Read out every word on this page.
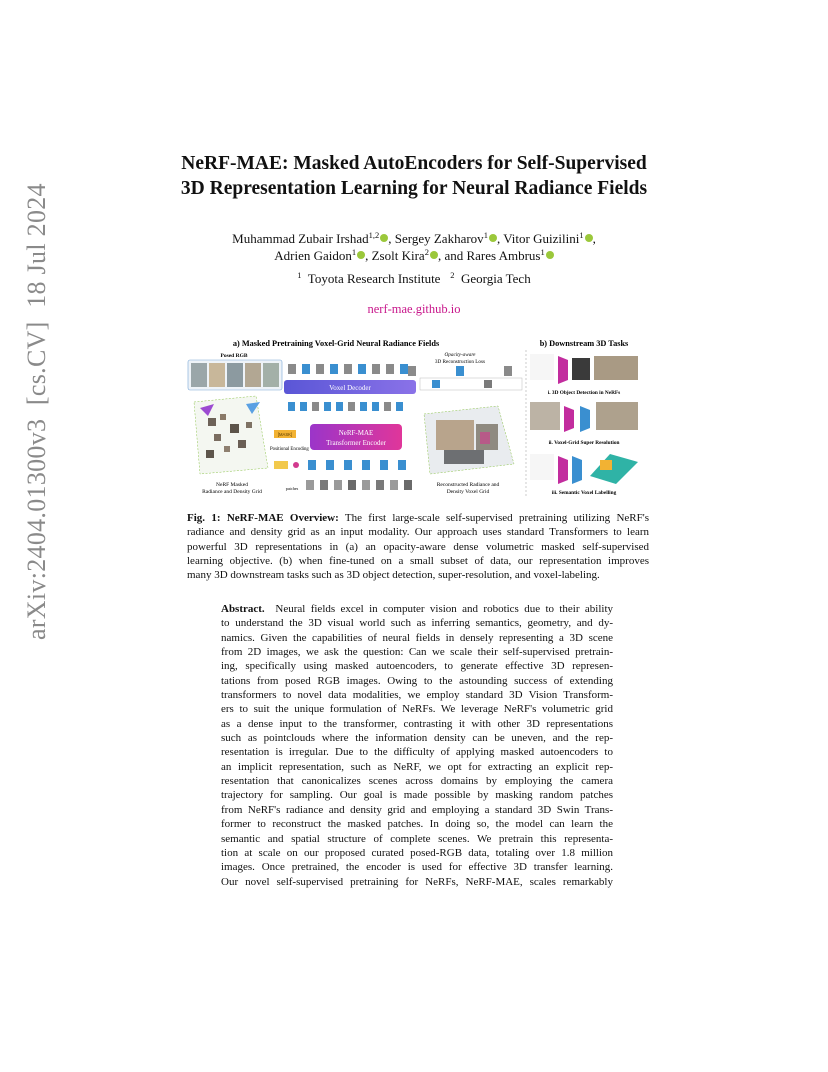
arXiv:2404.01300v3  [cs.CV]  18 Jul 2024
NeRF-MAE: Masked AutoEncoders for Self-Supervised
3D Representation Learning for Neural Radiance Fields
Muhammad Zubair Irshad$^{1,2}$ , Sergey Zakharov$^1$ , Vitor Guizilini$^1$ ,
Adrien Gaidon$^1$ , Zsolt Kira$^2$ , and Rares Ambrus$^1$
$^1$ Toyota Research Institute $^2$ Georgia Tech
nerf-mae.github.io
a) Masked Pretraining Voxel-Grid Neural Radiance Fields	b) Downstream 3D Tasks
Posed RGB
Voxel Decoder
NeRF-MAE
Transformer Encoder
[MASK]
Positional Encoding
patches
NeRF Masked
Radiance and Density Grid
Opacity-aware
3D Reconstruction Loss
Reconstructed Radiance and
Density Voxel Grid
i. 3D Object Detection in NeRFs
ii. Voxel-Grid Super Resolution
iii. Semantic Voxel Labelling
Fig. 1: NeRF-MAE Overview: The first large-scale self-supervised pretraining utilizing NeRF's
radiance and density grid as an input modality. Our approach uses standard Transformers to learn
powerful 3D representations in (a) an opacity-aware dense volumetric masked self-supervised
learning objective. (b) when fine-tuned on a small subset of data, our representation improves
many 3D downstream tasks such as 3D object detection, super-resolution, and voxel-labeling.
Abstract. Neural fields excel in computer vision and robotics due to their ability
to understand the 3D visual world such as inferring semantics, geometry, and dy-
namics. Given the capabilities of neural fields in densely representing a 3D scene
from 2D images, we ask the question: Can we scale their self-supervised pretrain-
ing, specifically using masked autoencoders, to generate effective 3D represen-
tations from posed RGB images. Owing to the astounding success of extending
transformers to novel data modalities, we employ standard 3D Vision Transform-
ers to suit the unique formulation of NeRFs. We leverage NeRF's volumetric grid
as a dense input to the transformer, contrasting it with other 3D representations
such as pointclouds where the information density can be uneven, and the rep-
resentation is irregular. Due to the difficulty of applying masked autoencoders to
an implicit representation, such as NeRF, we opt for extracting an explicit rep-
resentation that canonicalizes scenes across domains by employing the camera
trajectory for sampling. Our goal is made possible by masking random patches
from NeRF's radiance and density grid and employing a standard 3D Swin Trans-
former to reconstruct the masked patches. In doing so, the model can learn the
semantic and spatial structure of complete scenes. We pretrain this representa-
tion at scale on our proposed curated posed-RGB data, totaling over 1.8 million
images. Once pretrained, the encoder is used for effective 3D transfer learning.
Our novel self-supervised pretraining for NeRFs, NeRF-MAE, scales remarkably
